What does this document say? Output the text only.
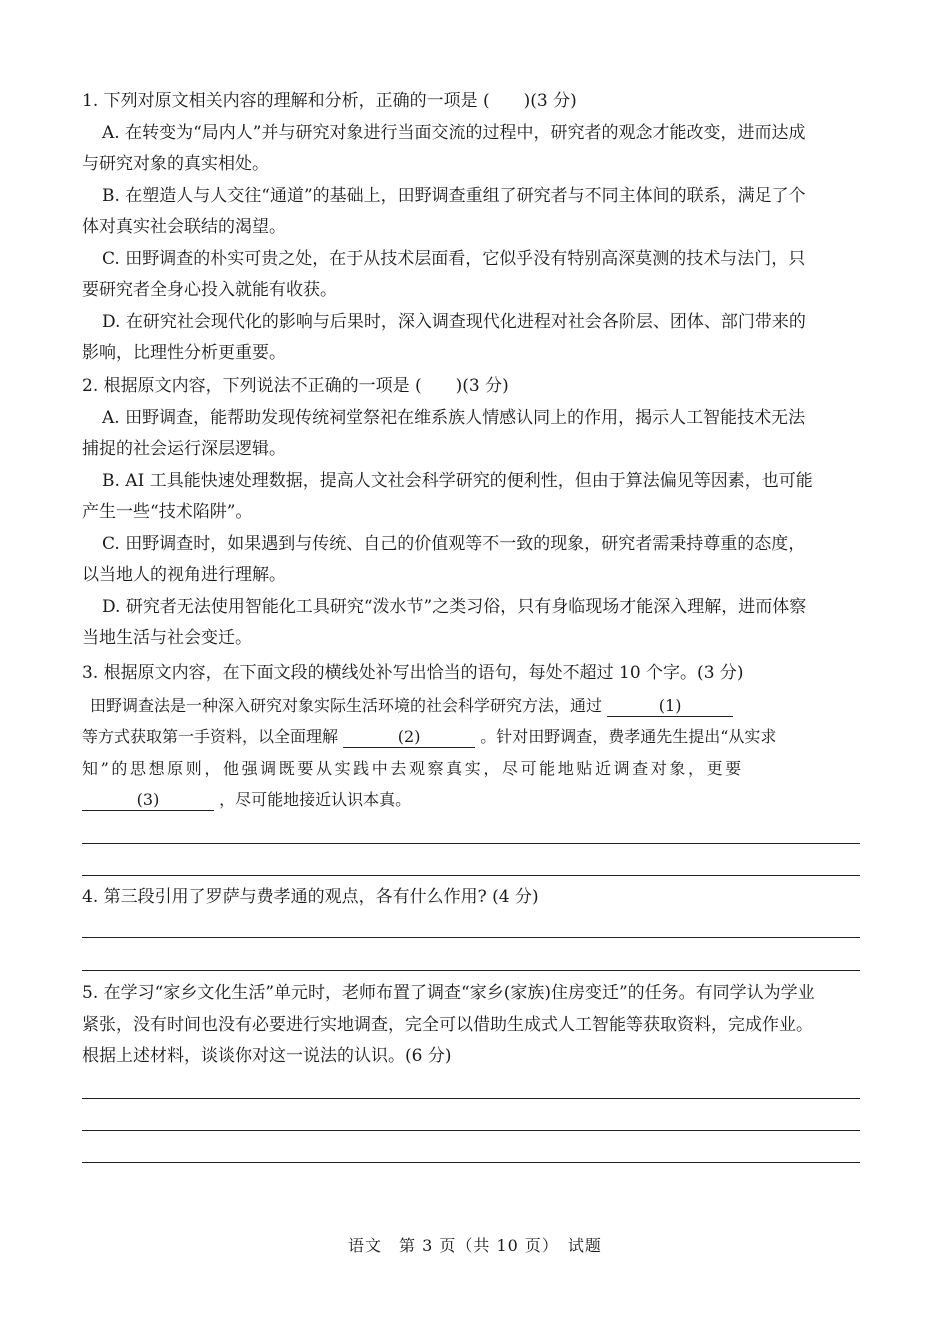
1. 下列对原文相关内容的理解和分析，正确的一项是 (　　)(3 分)

A. 在转变为“局内人”并与研究对象进行当面交流的过程中，研究者的观念才能改变，进而达成

与研究对象的真实相处。

B. 在塑造人与人交往“通道”的基础上，田野调查重组了研究者与不同主体间的联系，满足了个

体对真实社会联结的渴望。

C. 田野调查的朴实可贵之处，在于从技术层面看，它似乎没有特别高深莫测的技术与法门，只

要研究者全身心投入就能有收获。

D. 在研究社会现代化的影响与后果时，深入调查现代化进程对社会各阶层、团体、部门带来的

影响，比理性分析更重要。

2. 根据原文内容，下列说法不正确的一项是 (　　)(3 分)

A. 田野调查，能帮助发现传统祠堂祭祀在维系族人情感认同上的作用，揭示人工智能技术无法

捕捉的社会运行深层逻辑。

B. AI 工具能快速处理数据，提高人文社会科学研究的便利性，但由于算法偏见等因素，也可能

产生一些“技术陷阱”。

C. 田野调查时，如果遇到与传统、自己的价值观等不一致的现象，研究者需秉持尊重的态度，

以当地人的视角进行理解。

D. 研究者无法使用智能化工具研究“泼水节”之类习俗，只有身临现场才能深入理解，进而体察

当地生活与社会变迁。

3. 根据原文内容，在下面文段的横线处补写出恰当的语句，每处不超过 10 个字。(3 分)

田野调查法是一种深入研究对象实际生活环境的社会科学研究方法，通过	(1)

等方式获取第一手资料，以全面理解	(2)	。针对田野调查，费孝通先生提出“从实求

知”的思想原则，他强调既要从实践中去观察真实，尽可能地贴近调查对象，更要

(3)	，尽可能地接近认识本真。

4. 第三段引用了罗萨与费孝通的观点，各有什么作用? (4 分)

5. 在学习“家乡文化生活”单元时，老师布置了调查“家乡(家族)住房变迁”的任务。有同学认为学业

紧张，没有时间也没有必要进行实地调查，完全可以借助生成式人工智能等获取资料，完成作业。

根据上述材料，谈谈你对这一说法的认识。(6 分)

语文　第 3 页（共 10 页）　试题
